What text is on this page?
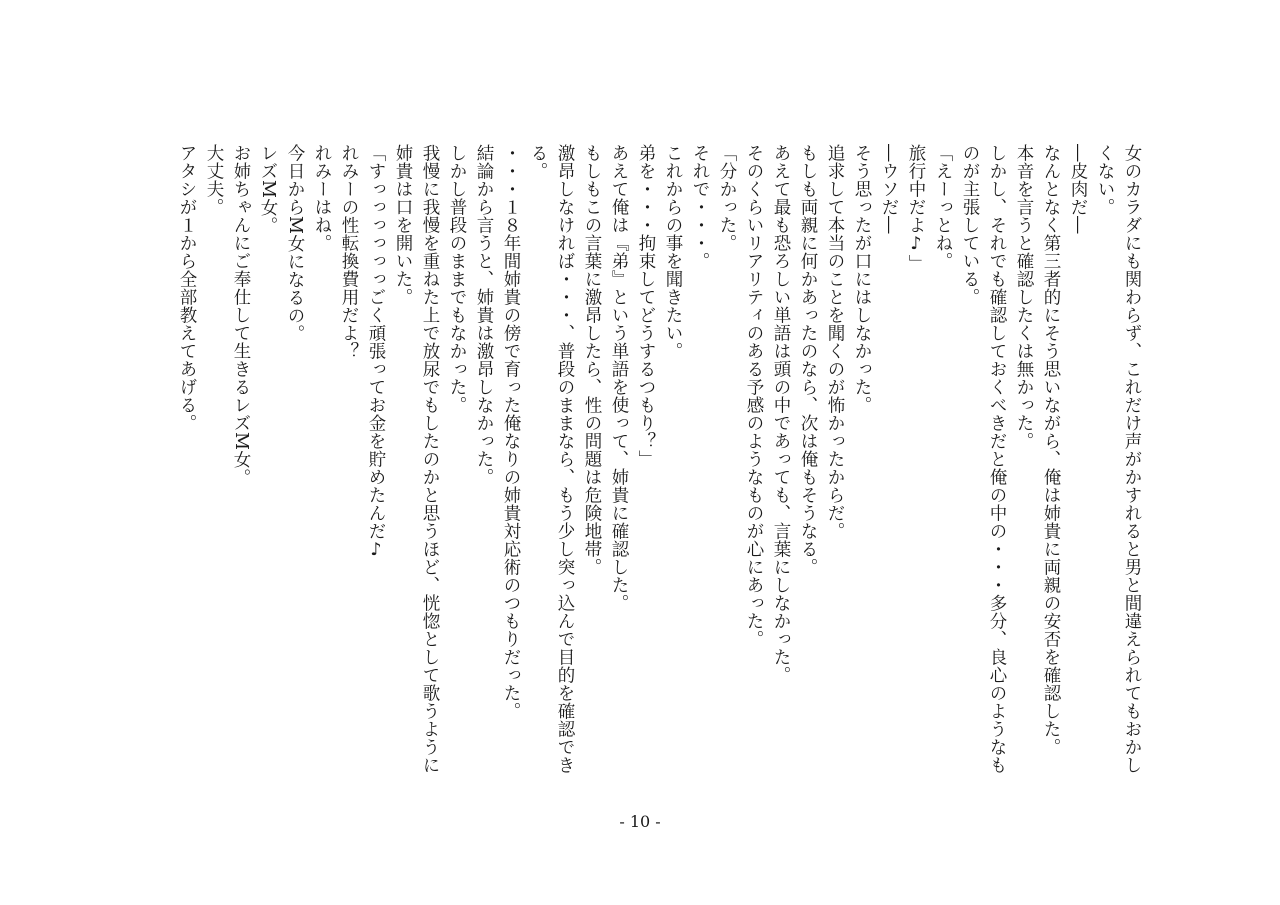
女のカラダにも関わらず、これだけ声がかすれると男と間違えられてもおかしくない。
―皮肉だ―
なんとなく第三者的にそう思いながら、俺は姉貴に両親の安否を確認した。
本音を言うと確認したくは無かった。
しかし、それでも確認しておくべきだと俺の中の・・・多分、良心のようなものが主張している。
「えーっとね。
旅行中だよ♪」
―ウソだ―
そう思ったが口にはしなかった。
追求して本当のことを聞くのが怖かったからだ。
もしも両親に何かあったのなら、次は俺もそうなる。
あえて最も恐ろしい単語は頭の中であっても、言葉にしなかった。
そのくらいリアリティのある予感のようなものが心にあった。
「分かった。
それで・・・。
これからの事を聞きたい。
弟を・・・拘束してどうするつもり？」
あえて俺は『弟』という単語を使って、姉貴に確認した。
もしもこの言葉に激昂したら、性の問題は危険地帯。
激昂しなければ・・・、普段のままなら、もう少し突っ込んで目的を確認できる。
・・・１８年間姉貴の傍で育った俺なりの姉貴対応術のつもりだった。
結論から言うと、姉貴は激昂しなかった。
しかし普段のままでもなかった。
我慢に我慢を重ねた上で放尿でもしたのかと思うほど、恍惚として歌うように姉貴は口を開いた。
「すっっっっっっごく頑張ってお金を貯めたんだ♪
れみーの性転換費用だよ？
れみーはね。
今日からM女になるの。
レズM女。
お姉ちゃんにご奉仕して生きるレズM女。
大丈夫。
アタシが１から全部教えてあげる。
- 10 -
